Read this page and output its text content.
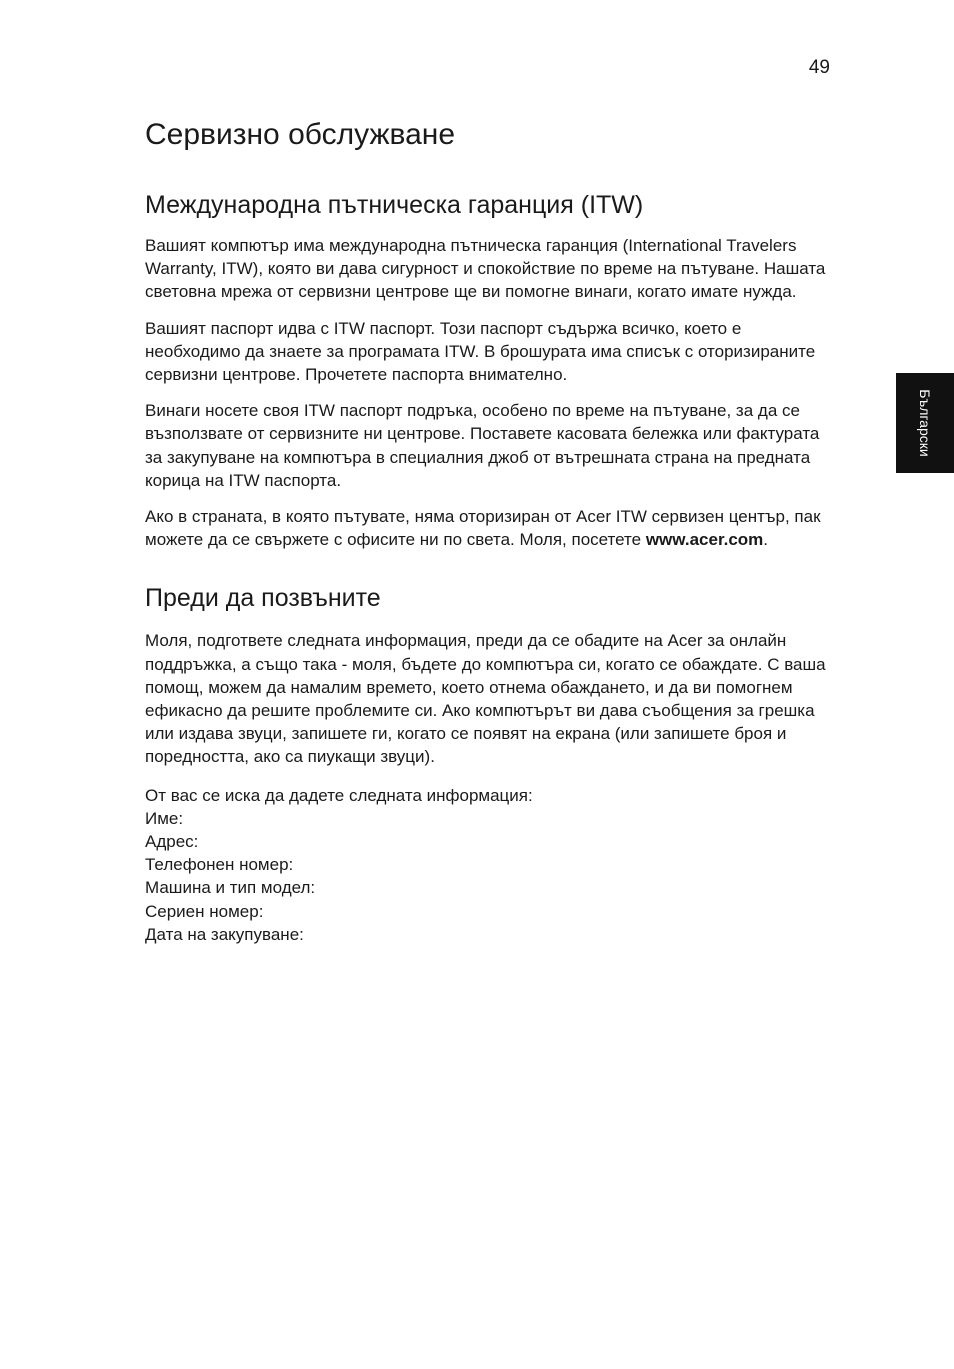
49
Български
Сервизно обслужване
Международна пътническа гаранция (ITW)

Вашият компютър има международна пътническа гаранция (International Travelers Warranty, ITW), която ви дава сигурност и спокойствие по време на пътуване. Нашата световна мрежа от сервизни центрове ще ви помогне винаги, когато имате нужда.

Вашият паспорт идва с ITW паспорт. Този паспорт съдържа всичко, което е необходимо да знаете за програмата ITW. В брошурата има списък с оторизираните сервизни центрове. Прочетете паспорта внимателно.

Винаги носете своя ITW паспорт подръка, особено по време на пътуване, за да се възползвате от сервизните ни центрове. Поставете касовата бележка или фактурата за закупуване на компютъра в специалния джоб от вътрешната страна на предната корица на ITW паспорта.

Ако в страната, в която пътувате, няма оторизиран от Acer ITW сервизен център, пак можете да се свържете с офисите ни по света. Моля, посетете www.acer.com.

Преди да позвъните

Моля, подгответе следната информация, преди да се обадите на Acer за онлайн поддръжка, а също така - моля, бъдете до компютъра си, когато се обаждате. С ваша помощ, можем да намалим времето, което отнема обаждането, и да ви помогнем ефикасно да решите проблемите си. Ако компютърът ви дава съобщения за грешка или издава звуци, запишете ги, когато се появят на екрана (или запишете броя и поредността, ако са пиукащи звуци).

От вас се иска да дадете следната информация:

Име:
Адрес:
Телефонен номер:
Машина и тип модел:
Сериен номер:
Дата на закупуване:
